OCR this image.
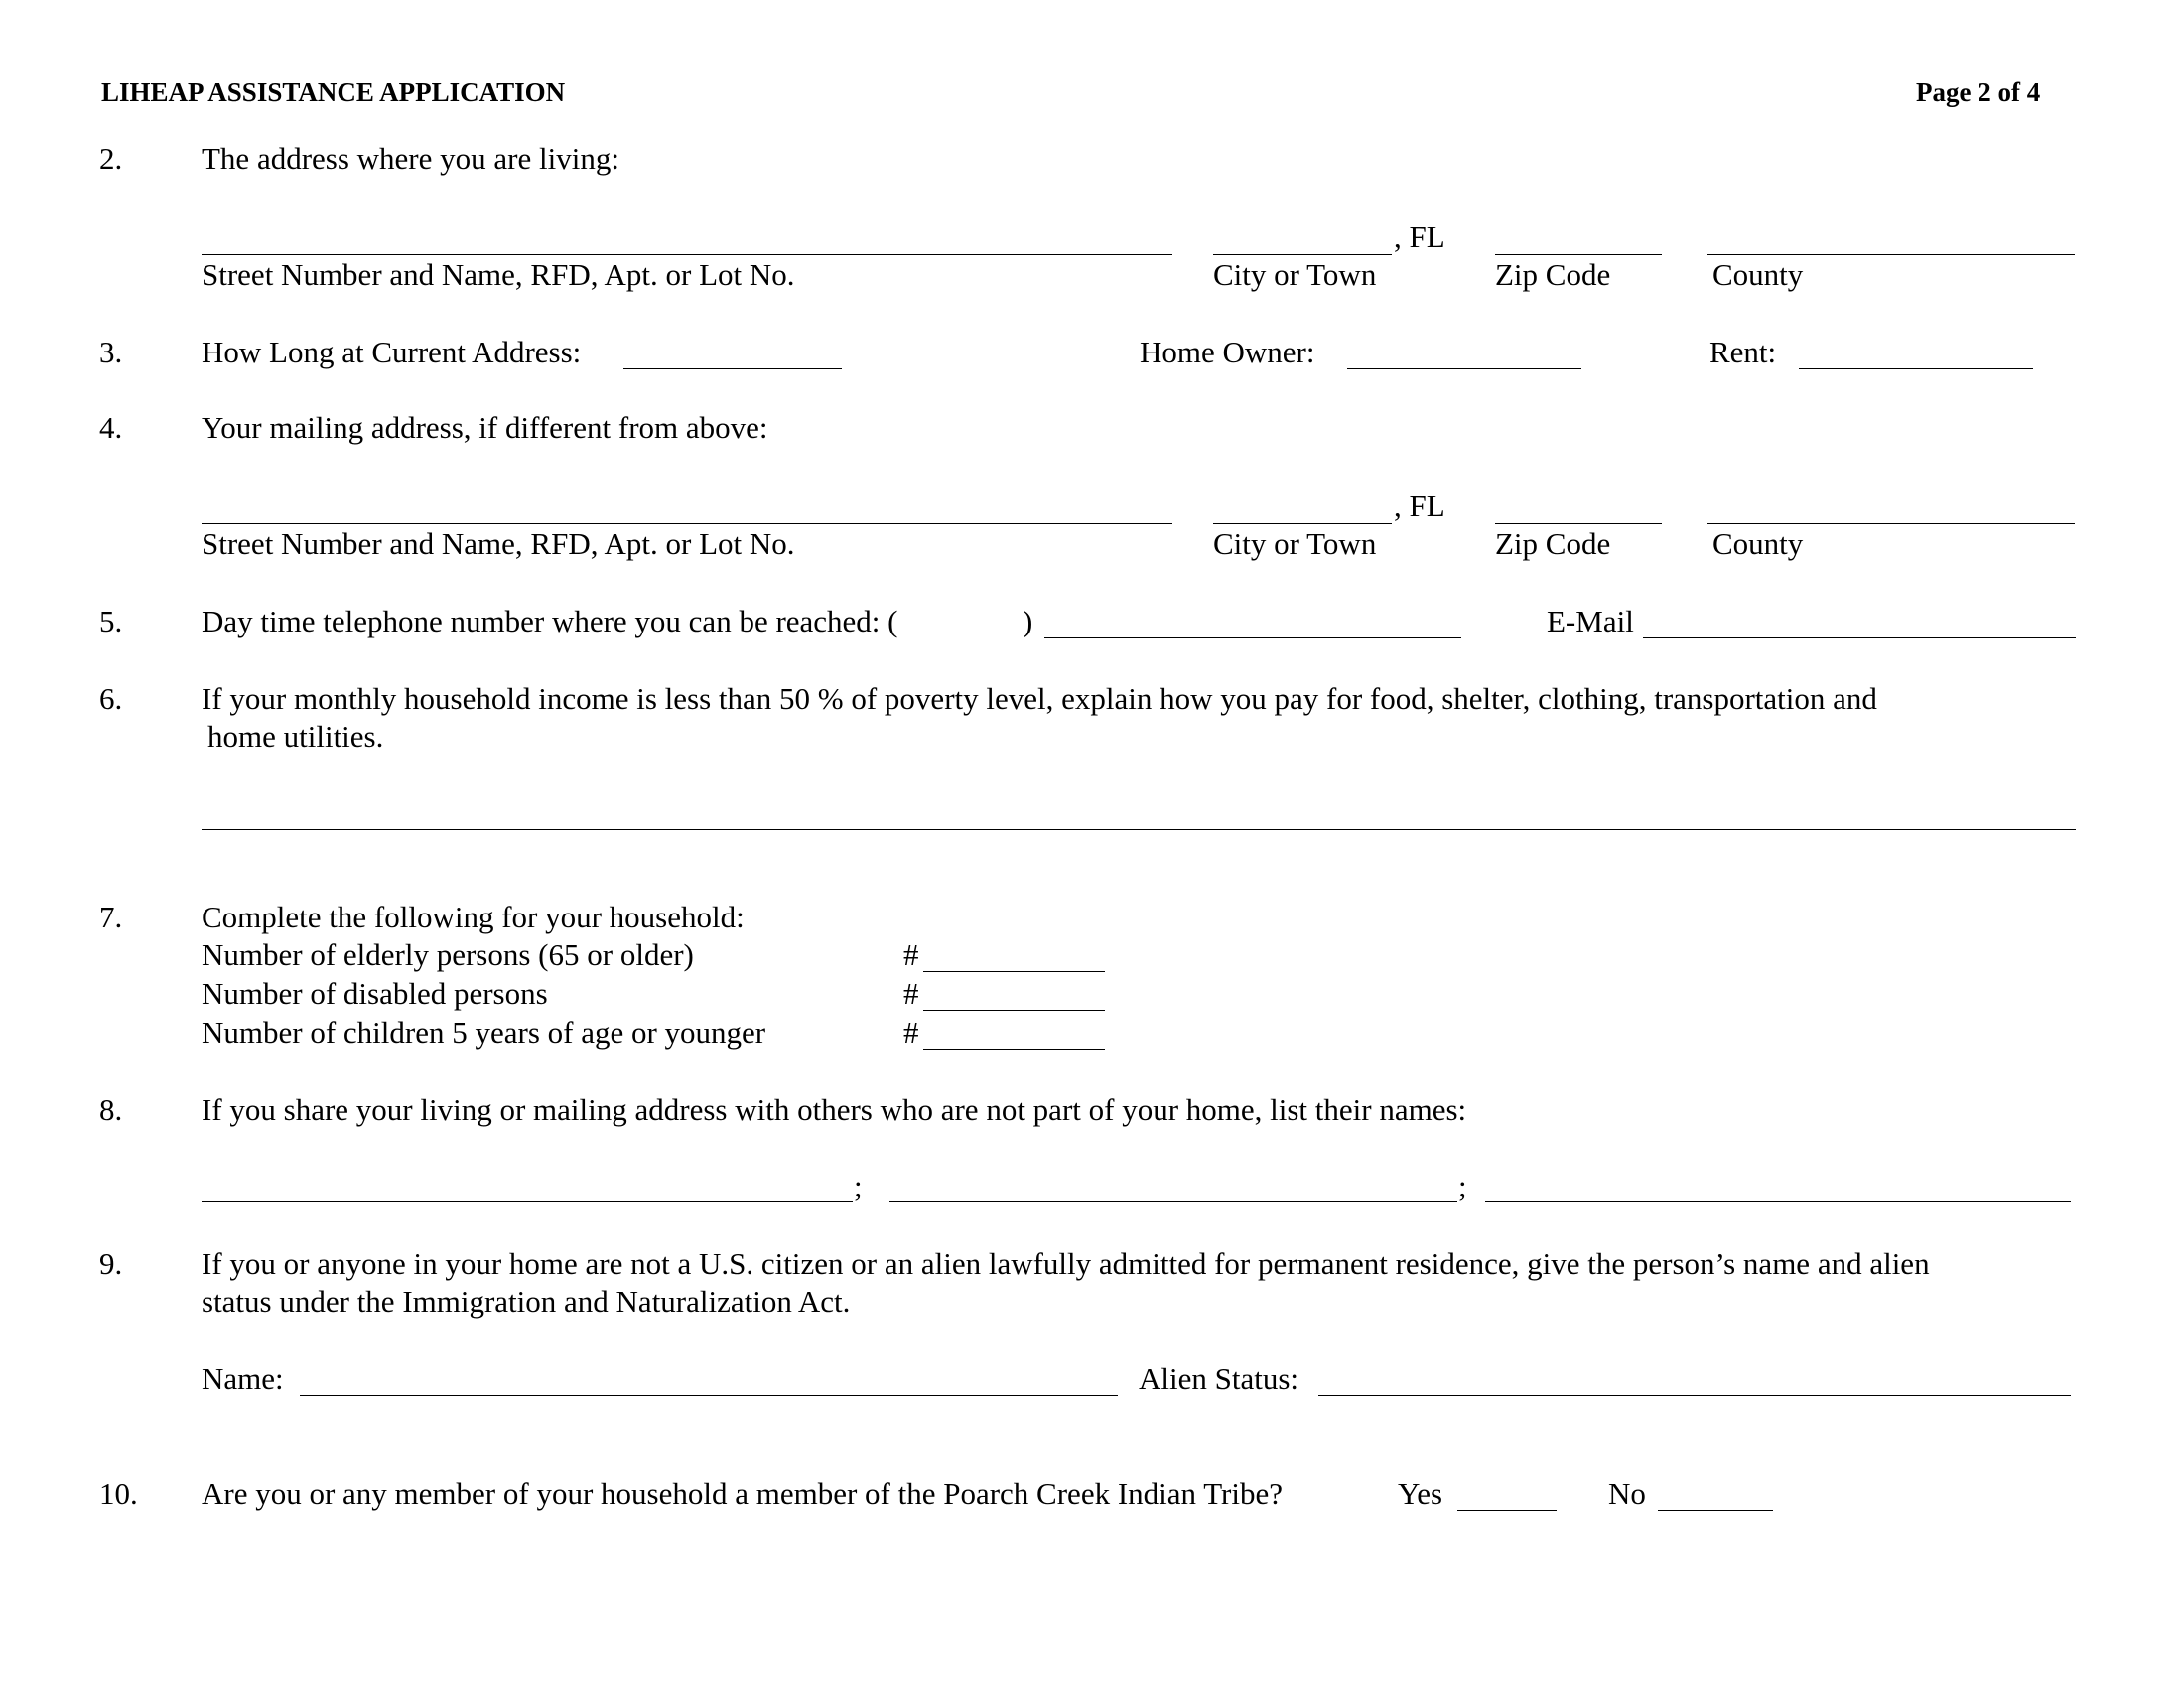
LIHEAP ASSISTANCE APPLICATION	Page 2 of 4
2.	The address where you are living:
, FL
Street Number and Name, RFD, Apt. or Lot No.	City or Town	Zip Code	County
3.	How Long at Current Address:	Home Owner:	Rent:
4.	Your mailing address, if different from above:
, FL
Street Number and Name, RFD, Apt. or Lot No.	City or Town	Zip Code	County
5.	Day time telephone number where you can be reached: (	)	E-Mail
6.	If your monthly household income is less than 50 % of poverty level, explain how you pay for food, shelter, clothing, transportation and
home utilities.
7.	Complete the following for your household:
Number of elderly persons (65 or older)	#
Number of disabled persons	#
Number of children 5 years of age or younger	#
8.	If you share your living or mailing address with others who are not part of your home, list their names:
;	;
9.	If you or anyone in your home are not a U.S. citizen or an alien lawfully admitted for permanent residence, give the person’s name and alien
status under the Immigration and Naturalization Act.
Name:	Alien Status:
10. Are you or any member of your household a member of the Poarch Creek Indian Tribe?	Yes	No
